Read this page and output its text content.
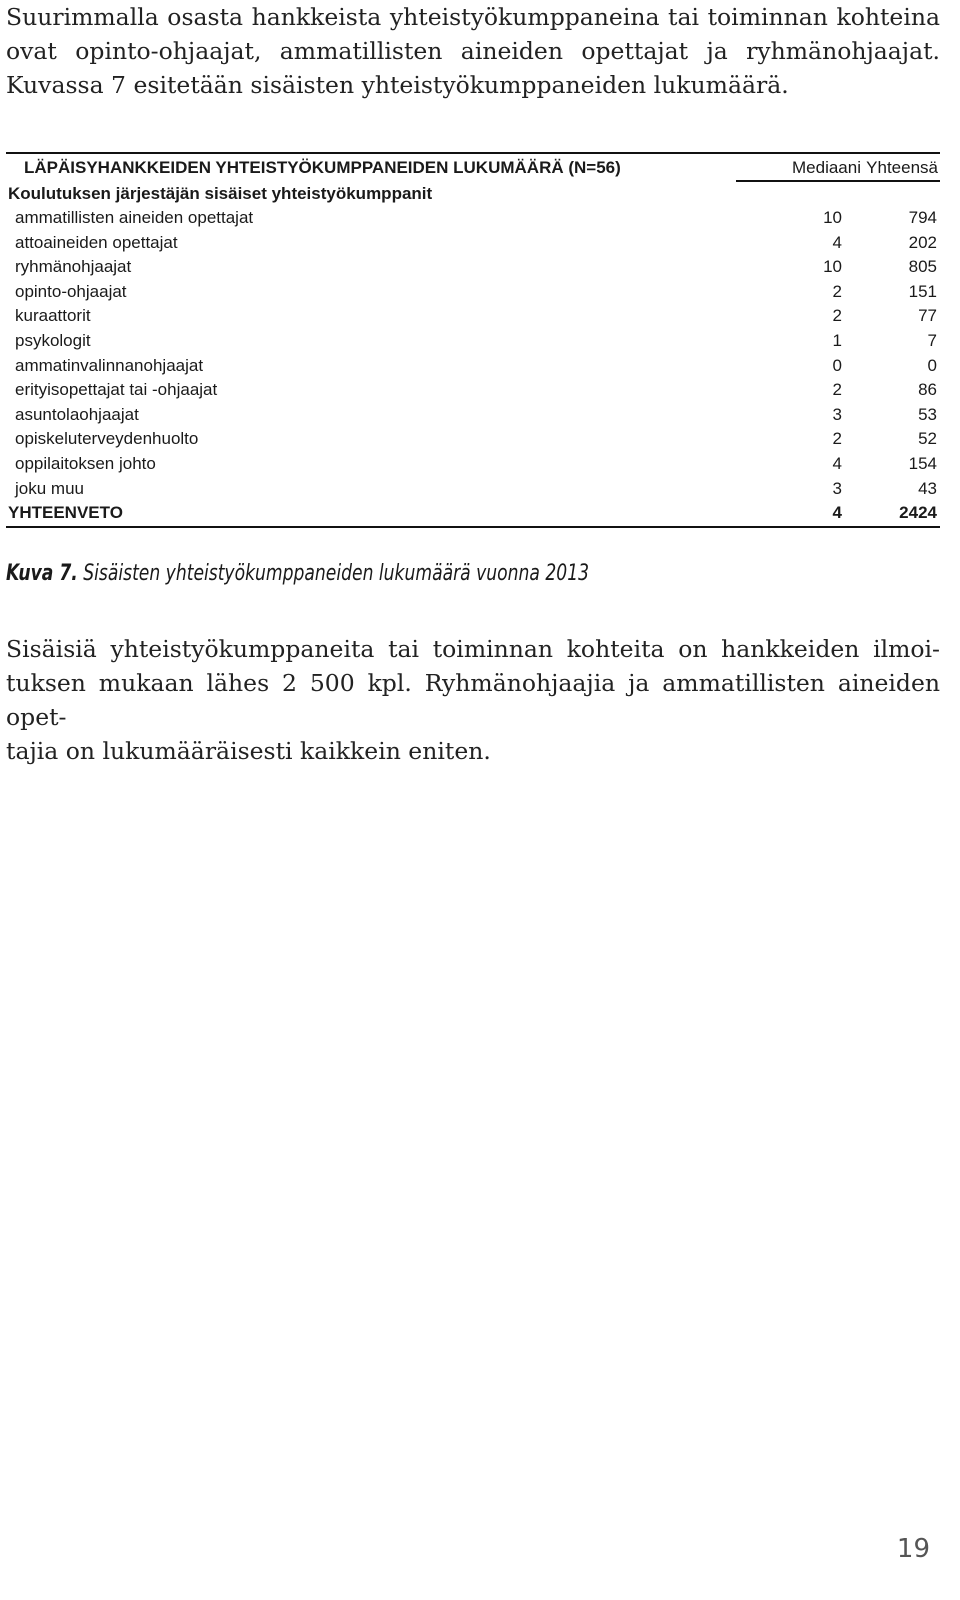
Suurimmalla osasta hankkeista yhteistyökumppaneina tai toiminnan kohteina
ovat opinto-ohjaajat, ammatillisten aineiden opettajat ja ryhmänohjaajat.
Kuvassa 7 esitetään sisäisten yhteistyökumppaneiden lukumäärä.
LÄPÄISYHANKKEIDEN YHTEISTYÖKUMPPANEIDEN LUKUMÄÄRÄ (N=56)	Mediaani Yhteensä
Koulutuksen järjestäjän sisäiset yhteistyökumppanit
ammatillisten aineiden opettajat	10	794
attoaineiden opettajat	4	202
ryhmänohjaajat	10	805
opinto-ohjaajat	2	151
kuraattorit	2	77
psykologit	1	7
ammatinvalinnanohjaajat	0	0
erityisopettajat tai -ohjaajat	2	86
asuntolaohjaajat	3	53
opiskeluterveydenhuolto	2	52
oppilaitoksen johto	4	154
joku muu	3	43
YHTEENVETO	4	2424
Kuva 7. Sisäisten yhteistyökumppaneiden lukumäärä vuonna 2013
Sisäisiä yhteistyökumppaneita tai toiminnan kohteita on hankkeiden ilmoi-
tuksen mukaan lähes 2 500 kpl. Ryhmänohjaajia ja ammatillisten aineiden opet-
tajia on lukumääräisesti kaikkein eniten.
19
